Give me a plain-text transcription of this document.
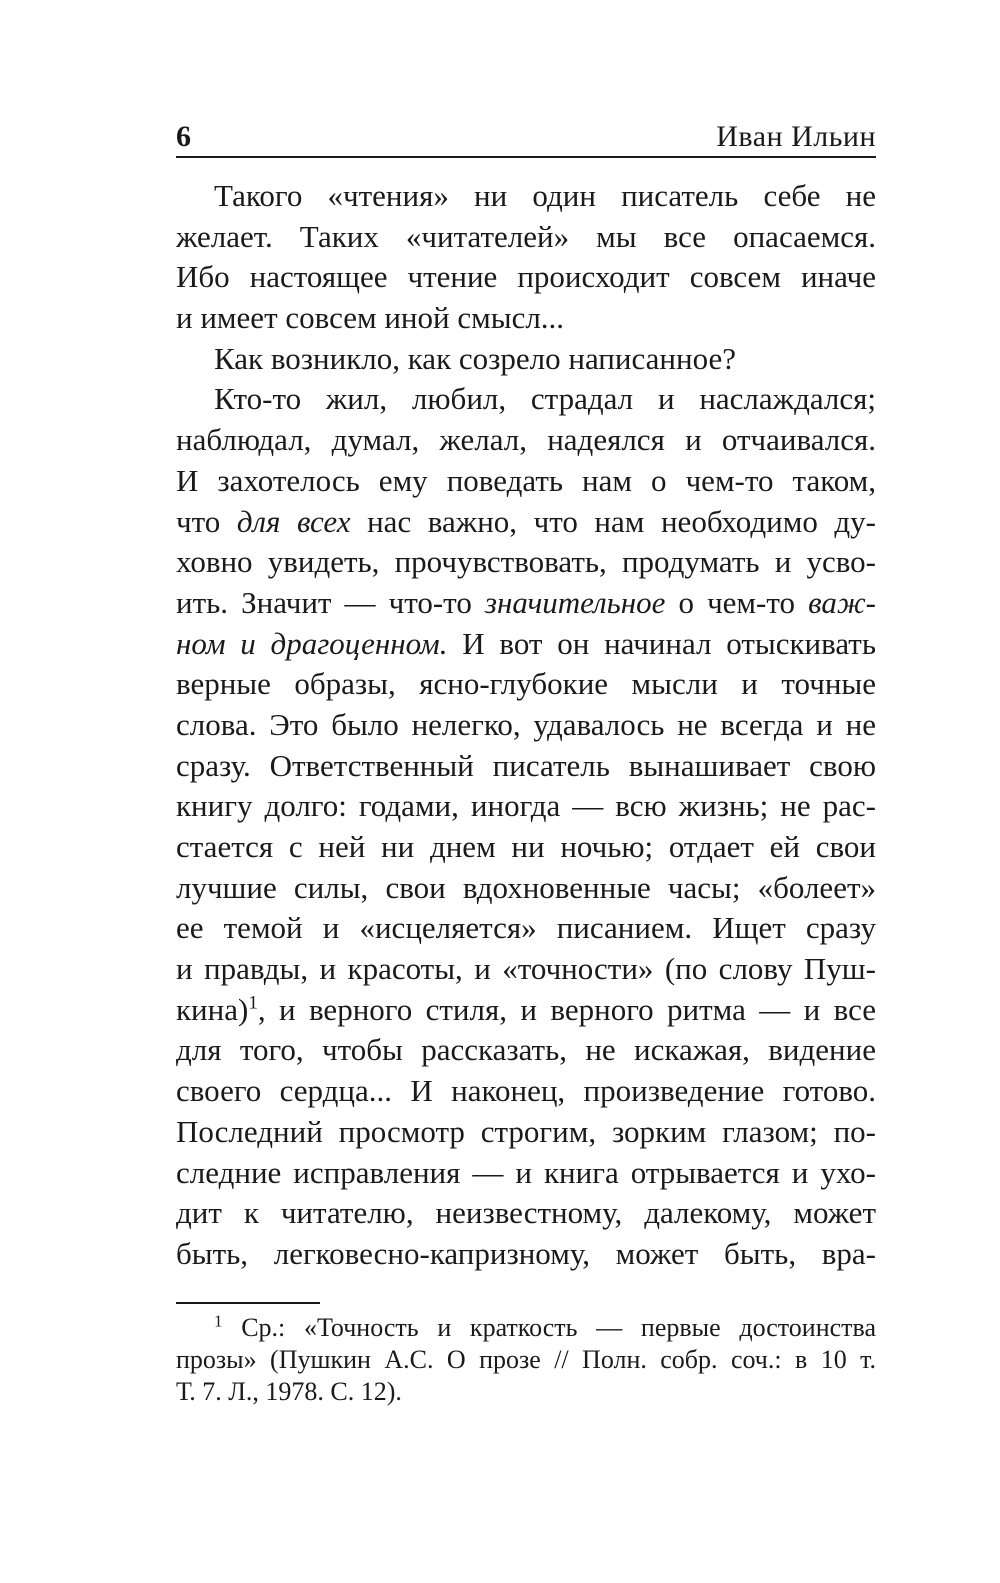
6	Иван Ильин
Такого «чтения» ни один писатель себе не
желает. Таких «читателей» мы все опасаемся.
Ибо настоящее чтение происходит совсем иначе
и имеет совсем иной смысл...
Как возникло, как созрело написанное?
Кто-то жил, любил, страдал и наслаждался;
наблюдал, думал, желал, надеялся и отчаивался.
И захотелось ему поведать нам о чем-то таком,
что для всех нас важно, что нам необходимо ду-
ховно увидеть, прочувствовать, продумать и усво-
ить. Значит — что-то значительное о чем-то важ-
ном и драгоценном. И вот он начинал отыскивать
верные образы, ясно-глубокие мысли и точные
слова. Это было нелегко, удавалось не всегда и не
сразу. Ответственный писатель вынашивает свою
книгу долго: годами, иногда — всю жизнь; не рас-
стается с ней ни днем ни ночью; отдает ей свои
лучшие силы, свои вдохновенные часы; «болеет»
ее темой и «исцеляется» писанием. Ищет сразу
и правды, и красоты, и «точности» (по слову Пуш-
кина)$^1$, и верного стиля, и верного ритма — и все
для того, чтобы рассказать, не искажая, видение
своего сердца... И наконец, произведение готово.
Последний просмотр строгим, зорким глазом; по-
следние исправления — и книга отрывается и ухо-
дит к читателю, неизвестному, далекому, может
быть, легковесно-капризному, может быть, вра-
$^1$ Ср.: «Точность и краткость — первые достоинства
прозы» (Пушкин А.С. О прозе // Полн. собр. соч.: в 10 т.
Т. 7. Л., 1978. С. 12).
